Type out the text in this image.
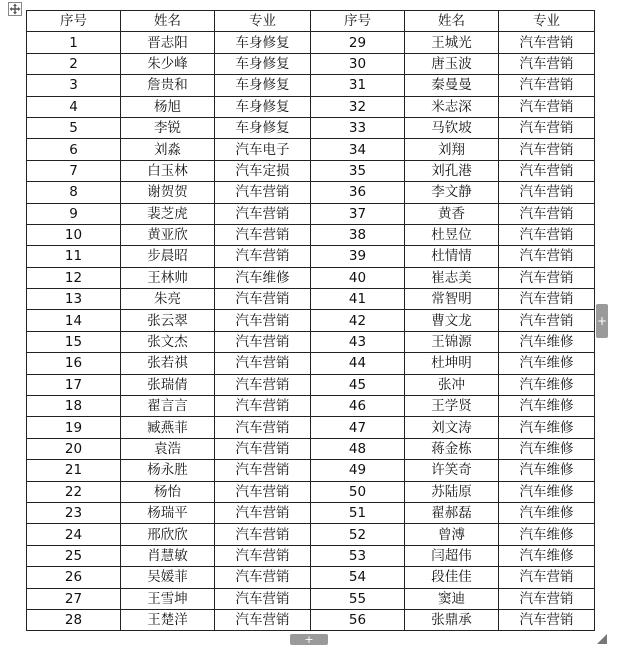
序号	姓名	专业	序号	姓名	专业
1	晋志阳	车身修复	29	王城光	汽车营销
2	朱少峰	车身修复	30	唐玉波	汽车营销
3	詹贵和	车身修复	31	秦曼曼	汽车营销
4	杨旭	车身修复	32	米志深	汽车营销
5	李锐	车身修复	33	马钦坡	汽车营销
6	刘淼	汽车电子	34	刘翔	汽车营销
7	白玉林	汽车定损	35	刘孔港	汽车营销
8	谢贺贺	汽车营销	36	李文静	汽车营销
9	裴芝虎	汽车营销	37	黄香	汽车营销
10	黄亚欣	汽车营销	38	杜昱位	汽车营销
11	步晨昭	汽车营销	39	杜情情	汽车营销
12	王林帅	汽车维修	40	崔志美	汽车营销
13	朱亮	汽车营销	41	常智明	汽车营销
14	张云翠	汽车营销	42	曹文龙	汽车营销
15	张文杰	汽车营销	43	王锦源	汽车维修
16	张若祺	汽车营销	44	杜坤明	汽车维修
17	张瑞倩	汽车营销	45	张冲	汽车维修
18	翟言言	汽车营销	46	王学贤	汽车维修
19	臧燕菲	汽车营销	47	刘文涛	汽车维修
20	袁浩	汽车营销	48	蒋金栋	汽车维修
21	杨永胜	汽车营销	49	许笑奇	汽车维修
22	杨怡	汽车营销	50	苏陆原	汽车维修
23	杨瑞平	汽车营销	51	翟郝磊	汽车维修
24	邢欣欣	汽车营销	52	曾溥	汽车维修
25	肖慧敏	汽车营销	53	闫超伟	汽车维修
26	吴媛菲	汽车营销	54	段佳佳	汽车营销
27	王雪坤	汽车营销	55	窦迪	汽车营销
28	王楚洋	汽车营销	56	张鼎承	汽车营销
+
+
